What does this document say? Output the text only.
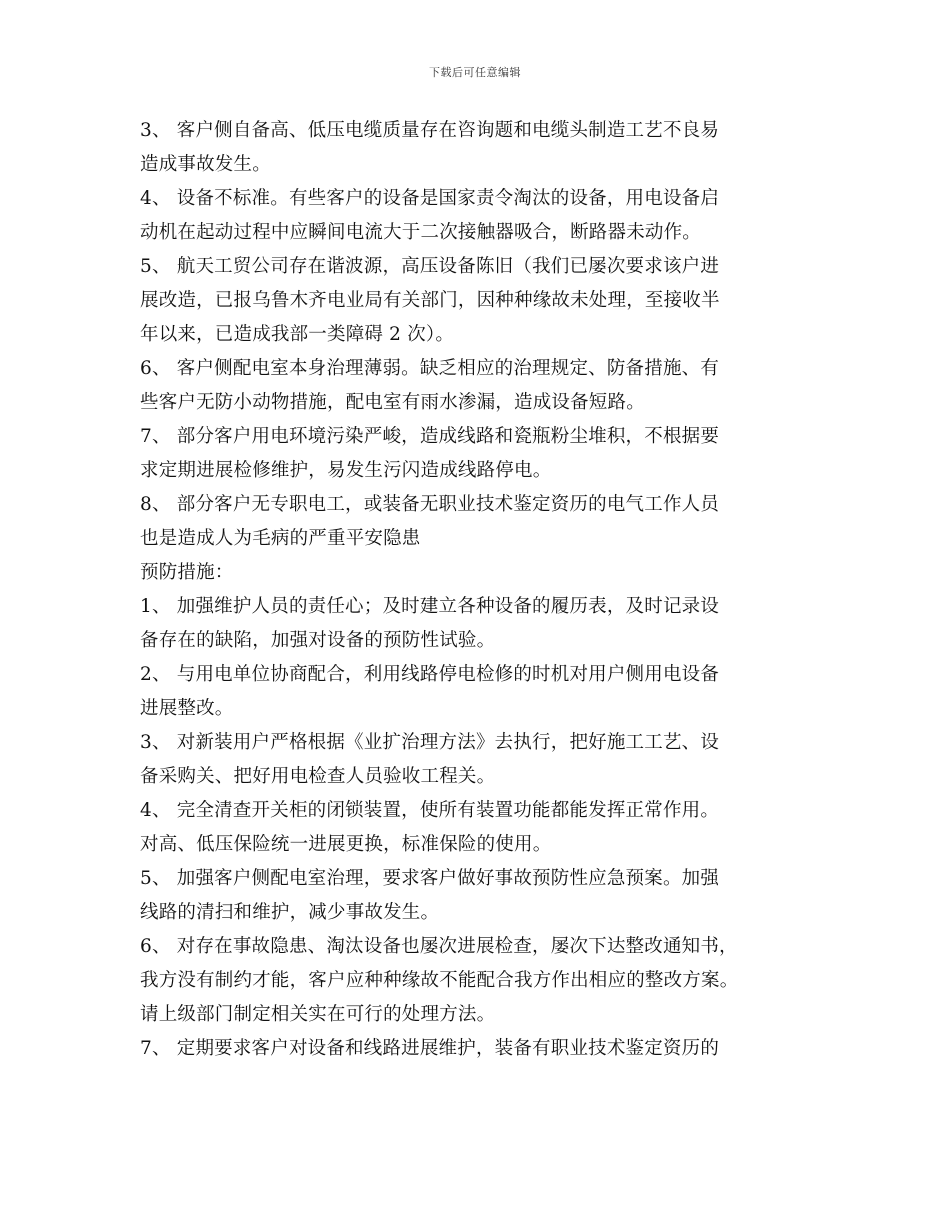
下载后可任意编辑
3、 客户侧自备高、低压电缆质量存在咨询题和电缆头制造工艺不良易
造成事故发生。
4、 设备不标准。有些客户的设备是国家责令淘汰的设备，用电设备启
动机在起动过程中应瞬间电流大于二次接触器吸合，断路器未动作。
5、 航天工贸公司存在谐波源，高压设备陈旧（我们已屡次要求该户进
展改造，已报乌鲁木齐电业局有关部门，因种种缘故未处理，至接收半
年以来，已造成我部一类障碍 2 次）。
6、 客户侧配电室本身治理薄弱。缺乏相应的治理规定、防备措施、有
些客户无防小动物措施，配电室有雨水渗漏，造成设备短路。
7、 部分客户用电环境污染严峻，造成线路和瓷瓶粉尘堆积，不根据要
求定期进展检修维护，易发生污闪造成线路停电。
8、 部分客户无专职电工，或装备无职业技术鉴定资历的电气工作人员
也是造成人为毛病的严重平安隐患
预防措施：
1、 加强维护人员的责任心；及时建立各种设备的履历表，及时记录设
备存在的缺陷，加强对设备的预防性试验。
2、 与用电单位协商配合，利用线路停电检修的时机对用户侧用电设备
进展整改。
3、 对新装用户严格根据《业扩治理方法》去执行，把好施工工艺、设
备采购关、把好用电检查人员验收工程关。
4、 完全清查开关柜的闭锁装置，使所有装置功能都能发挥正常作用。
对高、低压保险统一进展更换，标准保险的使用。
5、 加强客户侧配电室治理，要求客户做好事故预防性应急预案。加强
线路的清扫和维护，减少事故发生。
6、 对存在事故隐患、淘汰设备也屡次进展检查，屡次下达整改通知书，
我方没有制约才能，客户应种种缘故不能配合我方作出相应的整改方案。
请上级部门制定相关实在可行的处理方法。
7、 定期要求客户对设备和线路进展维护，装备有职业技术鉴定资历的
